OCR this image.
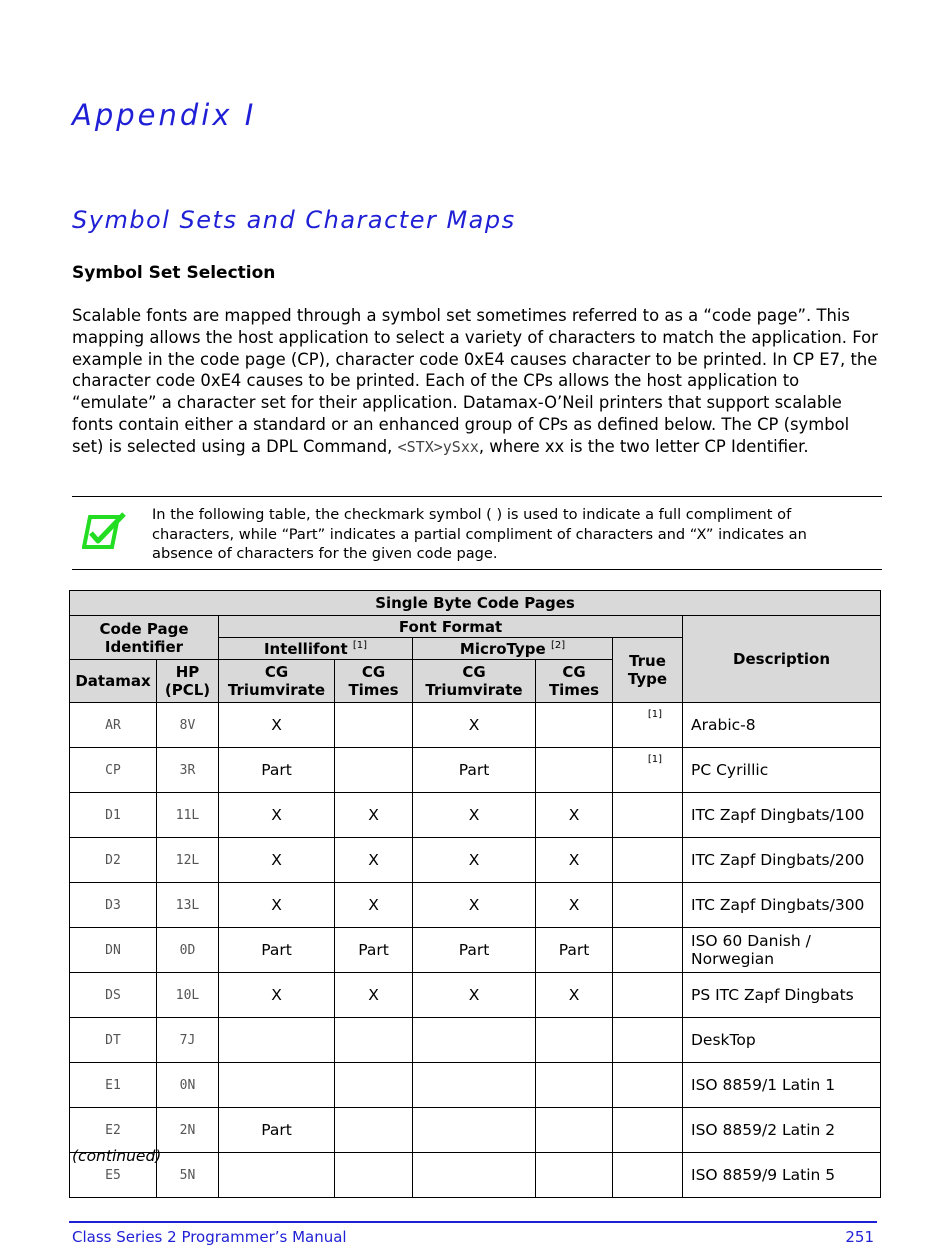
Appendix I
Symbol Sets and Character Maps
Symbol Set Selection

Scalable fonts are mapped through a symbol set sometimes referred to as a “code page”. This mapping allows the host application to select a variety of characters to match the application. For example in the code page (CP), character code 0xE4 causes character to be printed. In CP E7, the character code 0xE4 causes to be printed. Each of the CPs allows the host application to “emulate” a character set for their application. Datamax-O’Neil printers that support scalable fonts contain either a standard or an enhanced group of CPs as defined below. The CP (symbol set) is selected using a DPL Command, <STX>ySxx, where xx is the two letter CP Identifier.

In the following table, the checkmark symbol ( ) is used to indicate a full compliment of characters, while “Part” indicates a partial compliment of characters and “X” indicates an absence of characters for the given code page.

Single Byte Code Pages							
Code Page Identifier		Font Format					Description
		Intellifont [1]		MicroType [2]		True Type	
Datamax	HP (PCL)	CG Triumvirate	CG Times	CG Triumvirate	CG Times		
AR	8V	X		X		[1]	Arabic-8
CP	3R	Part		Part		[1]	PC Cyrillic
D1	11L	X	X	X	X		ITC Zapf Dingbats/100
D2	12L	X	X	X	X		ITC Zapf Dingbats/200
D3	13L	X	X	X	X		ITC Zapf Dingbats/300
DN	0D	Part	Part	Part	Part		ISO 60 Danish / Norwegian
DS	10L	X	X	X	X		PS ITC Zapf Dingbats
DT	7J						DeskTop
E1	0N						ISO 8859/1 Latin 1
E2	2N	Part					ISO 8859/2 Latin 2
E5	5N						ISO 8859/9 Latin 5

(continued)

Class Series 2 Programmer’s Manual	251
